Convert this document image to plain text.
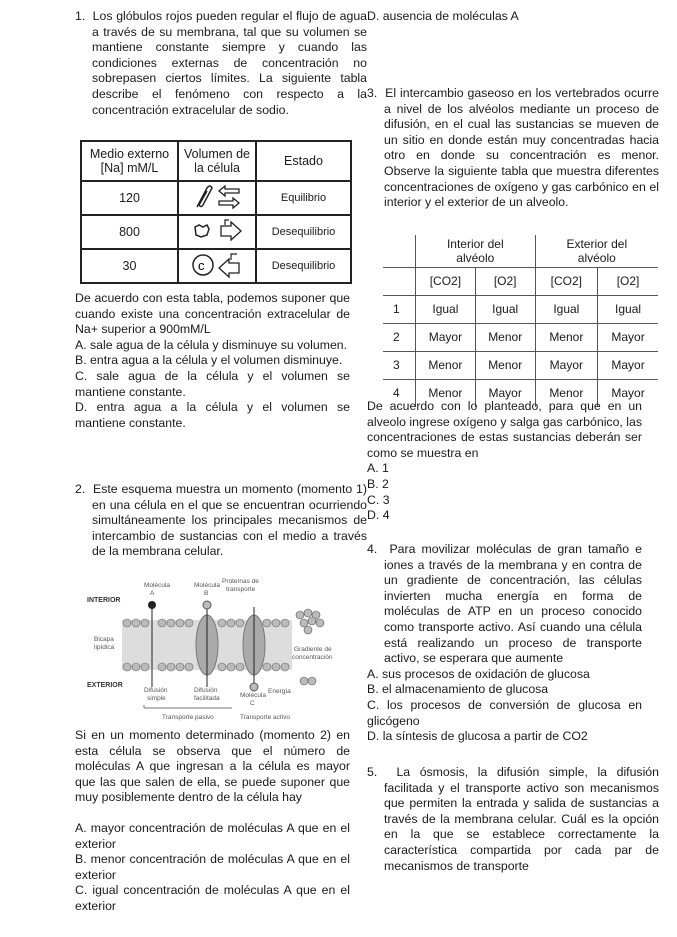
1. Los glóbulos rojos pueden regular el flujo de agua a través de su membrana, tal que su volumen se mantiene constante siempre y cuando las condiciones externas de concentración no sobrepasen ciertos límites. La siguiente tabla describe el fenómeno con respecto a la concentración extracelular de sodio.
Medio externo [Na] mM/L	Volumen de la célula	Estado
120		Equilibrio
800		Desequilibrio
30	c	Desequilibrio
De acuerdo con esta tabla, podemos suponer que cuando existe una concentración extracelular de Na+ superior a 900mM/L
A. sale agua de la célula y disminuye su volumen.
B. entra agua a la célula y el volumen disminuye.
C. sale agua de la célula y el volumen se mantiene constante.
D. entra agua a la célula y el volumen se mantiene constante.
2. Este esquema muestra un momento (momento 1) en una célula en el que se encuentran ocurriendo simultáneamente los principales mecanismos de intercambio de sustancias con el medio a través de la membrana celular.
INTERIOR
EXTERIOR
Molécula
A
Molécula
B
Proteínas de
transporte
Bicapa
lipídica	Gradiente de
concentración
Difusión
simple
Difusión
facilitada	Molécula
C
Energía
Transporte pasivo	Transporte activo
Si en un momento determinado (momento 2) en esta célula se observa que el número de moléculas A que ingresan a la célula es mayor que las que salen de ella, se puede suponer que muy posiblemente dentro de la célula hay
A. mayor concentración de moléculas A que en el exterior
B. menor concentración de moléculas A que en el exterior
C. igual concentración de moléculas A que en el exterior
D. ausencia de moléculas A
3. El intercambio gaseoso en los vertebrados ocurre a nivel de los alvéolos mediante un proceso de difusión, en el cual las sustancias se mueven de un sitio en donde están muy concentradas hacia otro en donde su concentración es menor. Observe la siguiente tabla que muestra diferentes concentraciones de oxígeno y gas carbónico en el interior y el exterior de un alveolo.
	Interior del alvéolo		Exterior del alvéolo	
	[CO2]	[O2]	[CO2]	[O2]
1	Igual	Igual	Igual	Igual
2	Mayor	Menor	Menor	Mayor
3	Menor	Menor	Mayor	Mayor
4	Menor	Mayor	Menor	Mayor
De acuerdo con lo planteado, para que en un alveolo ingrese oxígeno y salga gas carbónico, las concentraciones de estas sustancias deberán ser como se muestra en
A. 1
B. 2
C. 3
D. 4
4. Para movilizar moléculas de gran tamaño e iones a través de la membrana y en contra de un gradiente de concentración, las células invierten mucha energía en forma de moléculas de ATP en un proceso conocido como transporte activo. Así cuando una célula está realizando un proceso de transporte activo, se esperara que aumente
A. sus procesos de oxidación de glucosa
B. el almacenamiento de glucosa
C. los procesos de conversión de glucosa en glicógeno
D. la síntesis de glucosa a partir de CO2
5. La ósmosis, la difusión simple, la difusión facilitada y el transporte activo son mecanismos que permiten la entrada y salida de sustancias a través de la membrana celular. Cuál es la opción en la que se establece correctamente la característica compartida por cada par de mecanismos de transporte
